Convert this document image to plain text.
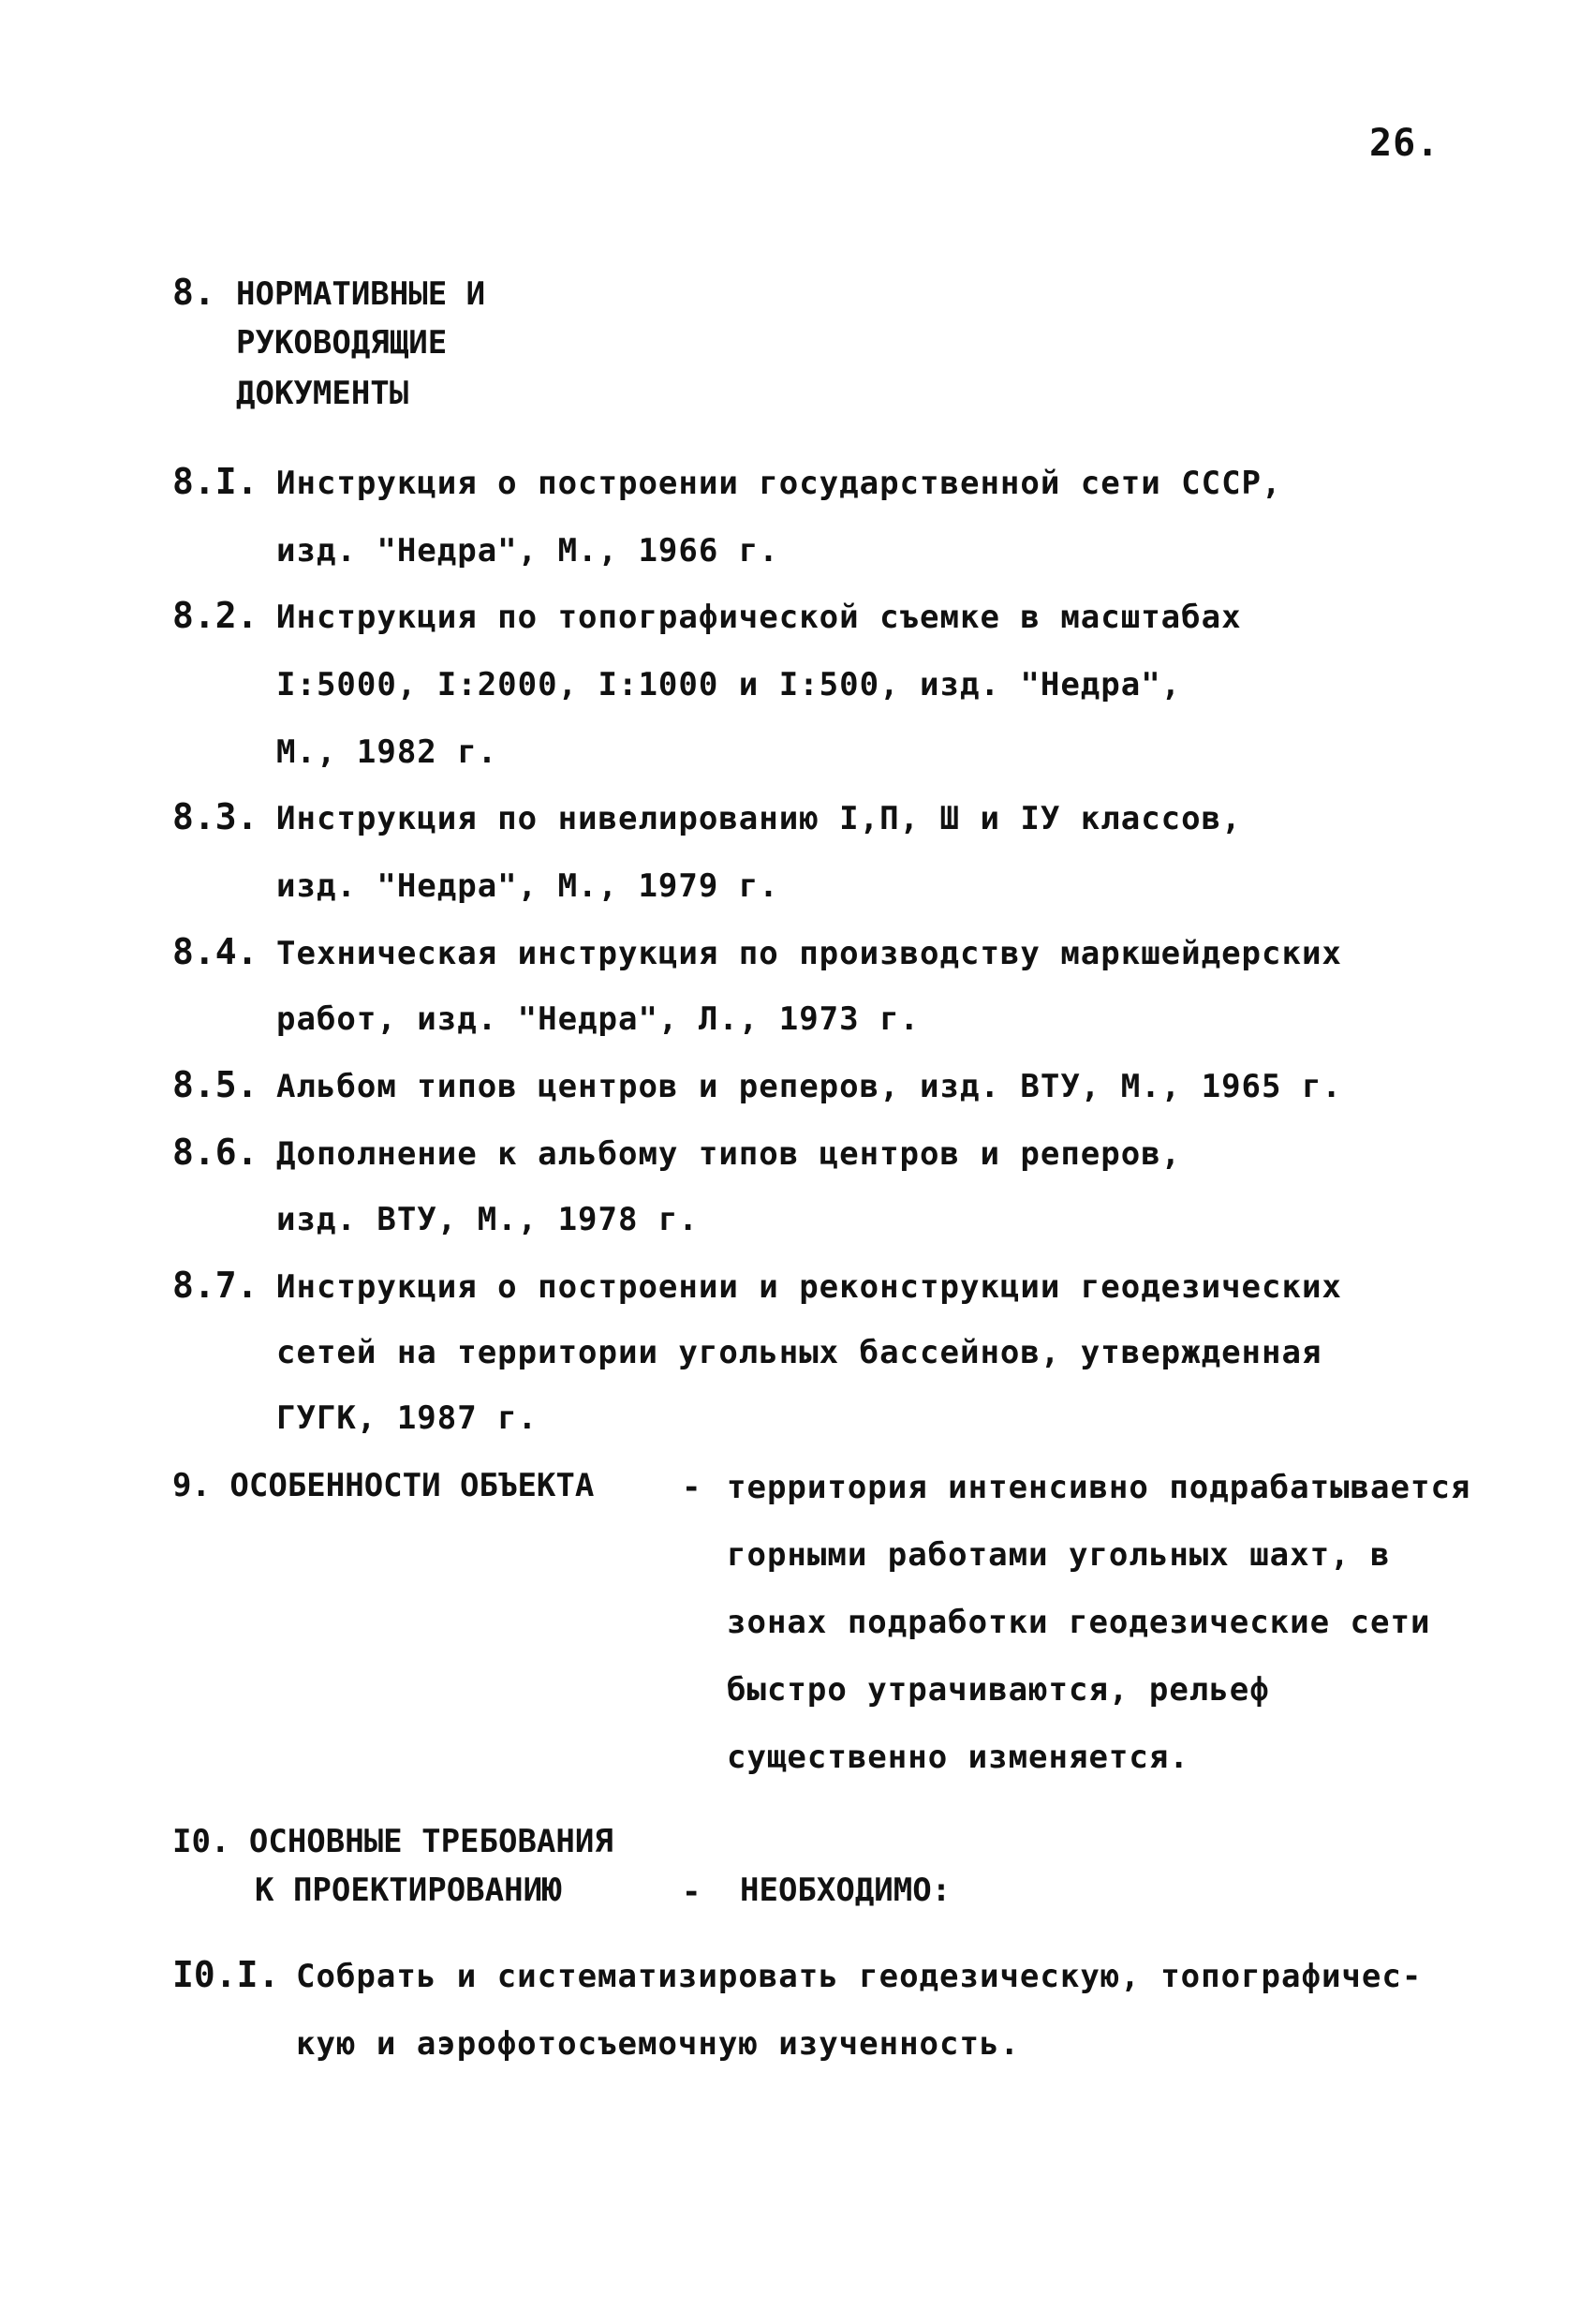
26.
8. НОРМАТИВНЫЕ И
РУКОВОДЯЩИЕ
ДОКУМЕНТЫ
8.I. Инструкция о построении государственной сети СССР,
изд. "Недра", М., 1966 г.
8.2. Инструкция по топографической съемке в масштабах
I:5000, I:2000, I:1000 и I:500, изд. "Недра",
М., 1982 г.
8.3. Инструкция по нивелированию I,П, Ш и IУ классов,
изд. "Недра", М., 1979 г.
8.4. Техническая инструкция по производству маркшейдерских
работ, изд. "Недра", Л., 1973 г.
8.5. Альбом типов центров и реперов, изд. ВТУ, М., 1965 г.
8.6. Дополнение к альбому типов центров и реперов,
изд. ВТУ, М., 1978 г.
8.7. Инструкция о построении и реконструкции геодезических
сетей на территории угольных бассейнов, утвержденная
ГУГК, 1987 г.
9. ОСОБЕННОСТИ ОБЪЕКТА	- территория интенсивно подрабатывается
горными работами угольных шахт, в
зонах подработки геодезические сети
быстро утрачиваются, рельеф
существенно изменяется.
I0. ОСНОВНЫЕ ТРЕБОВАНИЯ
К ПРОЕКТИРОВАНИЮ	- НЕОБХОДИМО:
I0.I. Собрать и систематизировать геодезическую, топографичес-
кую и аэрофотосъемочную изученность.
